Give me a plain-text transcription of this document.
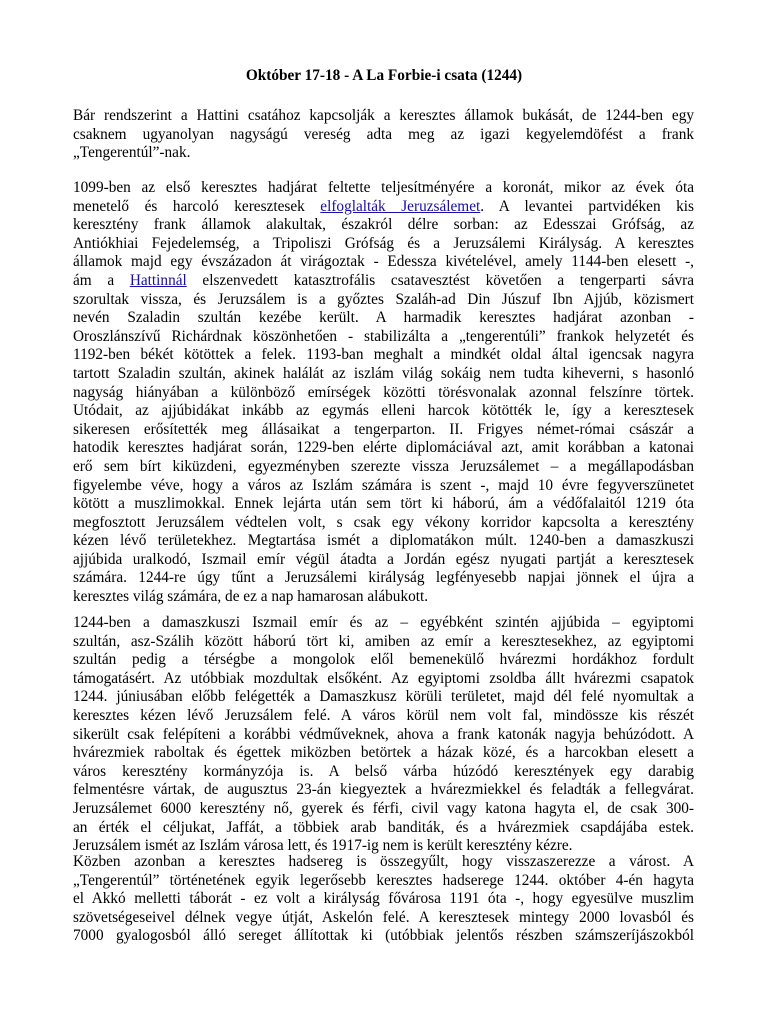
Október 17-18 - A La Forbie-i csata (1244)
Bár rendszerint a Hattini csatához kapcsolják a keresztes államok bukását, de 1244-ben egy
csaknem ugyanolyan nagyságú vereség adta meg az igazi kegyelemdöfést a frank
„Tengerentúl”-nak.
1099-ben az első keresztes hadjárat feltette teljesítményére a koronát, mikor az évek óta
menetelő és harcoló keresztesek elfoglalták Jeruzsálemet. A levantei partvidéken kis
keresztény frank államok alakultak, északról délre sorban: az Edesszai Grófság, az
Antiókhiai Fejedelemség, a Tripoliszi Grófság és a Jeruzsálemi Királyság. A keresztes
államok majd egy évszázadon át virágoztak - Edessza kivételével, amely 1144-ben elesett -,
ám a Hattinnál elszenvedett katasztrofális csatavesztést követően a tengerparti sávra
szorultak vissza, és Jeruzsálem is a győztes Szaláh-ad Din Júszuf Ibn Ajjúb, közismert
nevén Szaladin szultán kezébe került. A harmadik keresztes hadjárat azonban -
Oroszlánszívű Richárdnak köszönhetően - stabilizálta a „tengerentúli” frankok helyzetét és
1192-ben békét kötöttek a felek. 1193-ban meghalt a mindkét oldal által igencsak nagyra
tartott Szaladin szultán, akinek halálát az iszlám világ sokáig nem tudta kiheverni, s hasonló
nagyság hiányában a különböző emírségek közötti törésvonalak azonnal felszínre törtek.
Utódait, az ajjúbidákat inkább az egymás elleni harcok kötötték le, így a keresztesek
sikeresen erősítették meg állásaikat a tengerparton. II. Frigyes német-római császár a
hatodik keresztes hadjárat során, 1229-ben elérte diplomáciával azt, amit korábban a katonai
erő sem bírt kiküzdeni, egyezményben szerezte vissza Jeruzsálemet – a megállapodásban
figyelembe véve, hogy a város az Iszlám számára is szent -, majd 10 évre fegyverszünetet
kötött a muszlimokkal. Ennek lejárta után sem tört ki háború, ám a védőfalaitól 1219 óta
megfosztott Jeruzsálem védtelen volt, s csak egy vékony korridor kapcsolta a keresztény
kézen lévő területekhez. Megtartása ismét a diplomatákon múlt. 1240-ben a damaszkuszi
ajjúbida uralkodó, Iszmail emír végül átadta a Jordán egész nyugati partját a keresztesek
számára. 1244-re úgy tűnt a Jeruzsálemi királyság legfényesebb napjai jönnek el újra a
keresztes világ számára, de ez a nap hamarosan alábukott.
1244-ben a damaszkuszi Iszmail emír és az – egyébként szintén ajjúbida – egyiptomi
szultán, asz-Szálih között háború tört ki, amiben az emír a keresztesekhez, az egyiptomi
szultán pedig a térségbe a mongolok elől bemenekülő hvárezmi hordákhoz fordult
támogatásért. Az utóbbiak mozdultak elsőként. Az egyiptomi zsoldba állt hvárezmi csapatok
1244. júniusában előbb felégették a Damaszkusz körüli területet, majd dél felé nyomultak a
keresztes kézen lévő Jeruzsálem felé. A város körül nem volt fal, mindössze kis részét
sikerült csak felépíteni a korábbi védműveknek, ahova a frank katonák nagyja behúzódott. A
hvárezmiek raboltak és égettek miközben betörtek a házak közé, és a harcokban elesett a
város keresztény kormányzója is. A belső várba húzódó keresztények egy darabig
felmentésre vártak, de augusztus 23-án kiegyeztek a hvárezmiekkel és feladták a fellegvárat.
Jeruzsálemet 6000 keresztény nő, gyerek és férfi, civil vagy katona hagyta el, de csak 300-
an érték el céljukat, Jaffát, a többiek arab banditák, és a hvárezmiek csapdájába estek.
Jeruzsálem ismét az Iszlám városa lett, és 1917-ig nem is került keresztény kézre.
Közben azonban a keresztes hadsereg is összegyűlt, hogy visszaszerezze a várost. A
„Tengerentúl” történetének egyik legerősebb keresztes hadserege 1244. október 4-én hagyta
el Akkó melletti táborát - ez volt a királyság fővárosa 1191 óta -, hogy egyesülve muszlim
szövetségeseivel délnek vegye útját, Askelón felé. A keresztesek mintegy 2000 lovasból és
7000 gyalogosból álló sereget állítottak ki (utóbbiak jelentős részben számszeríjászokból
